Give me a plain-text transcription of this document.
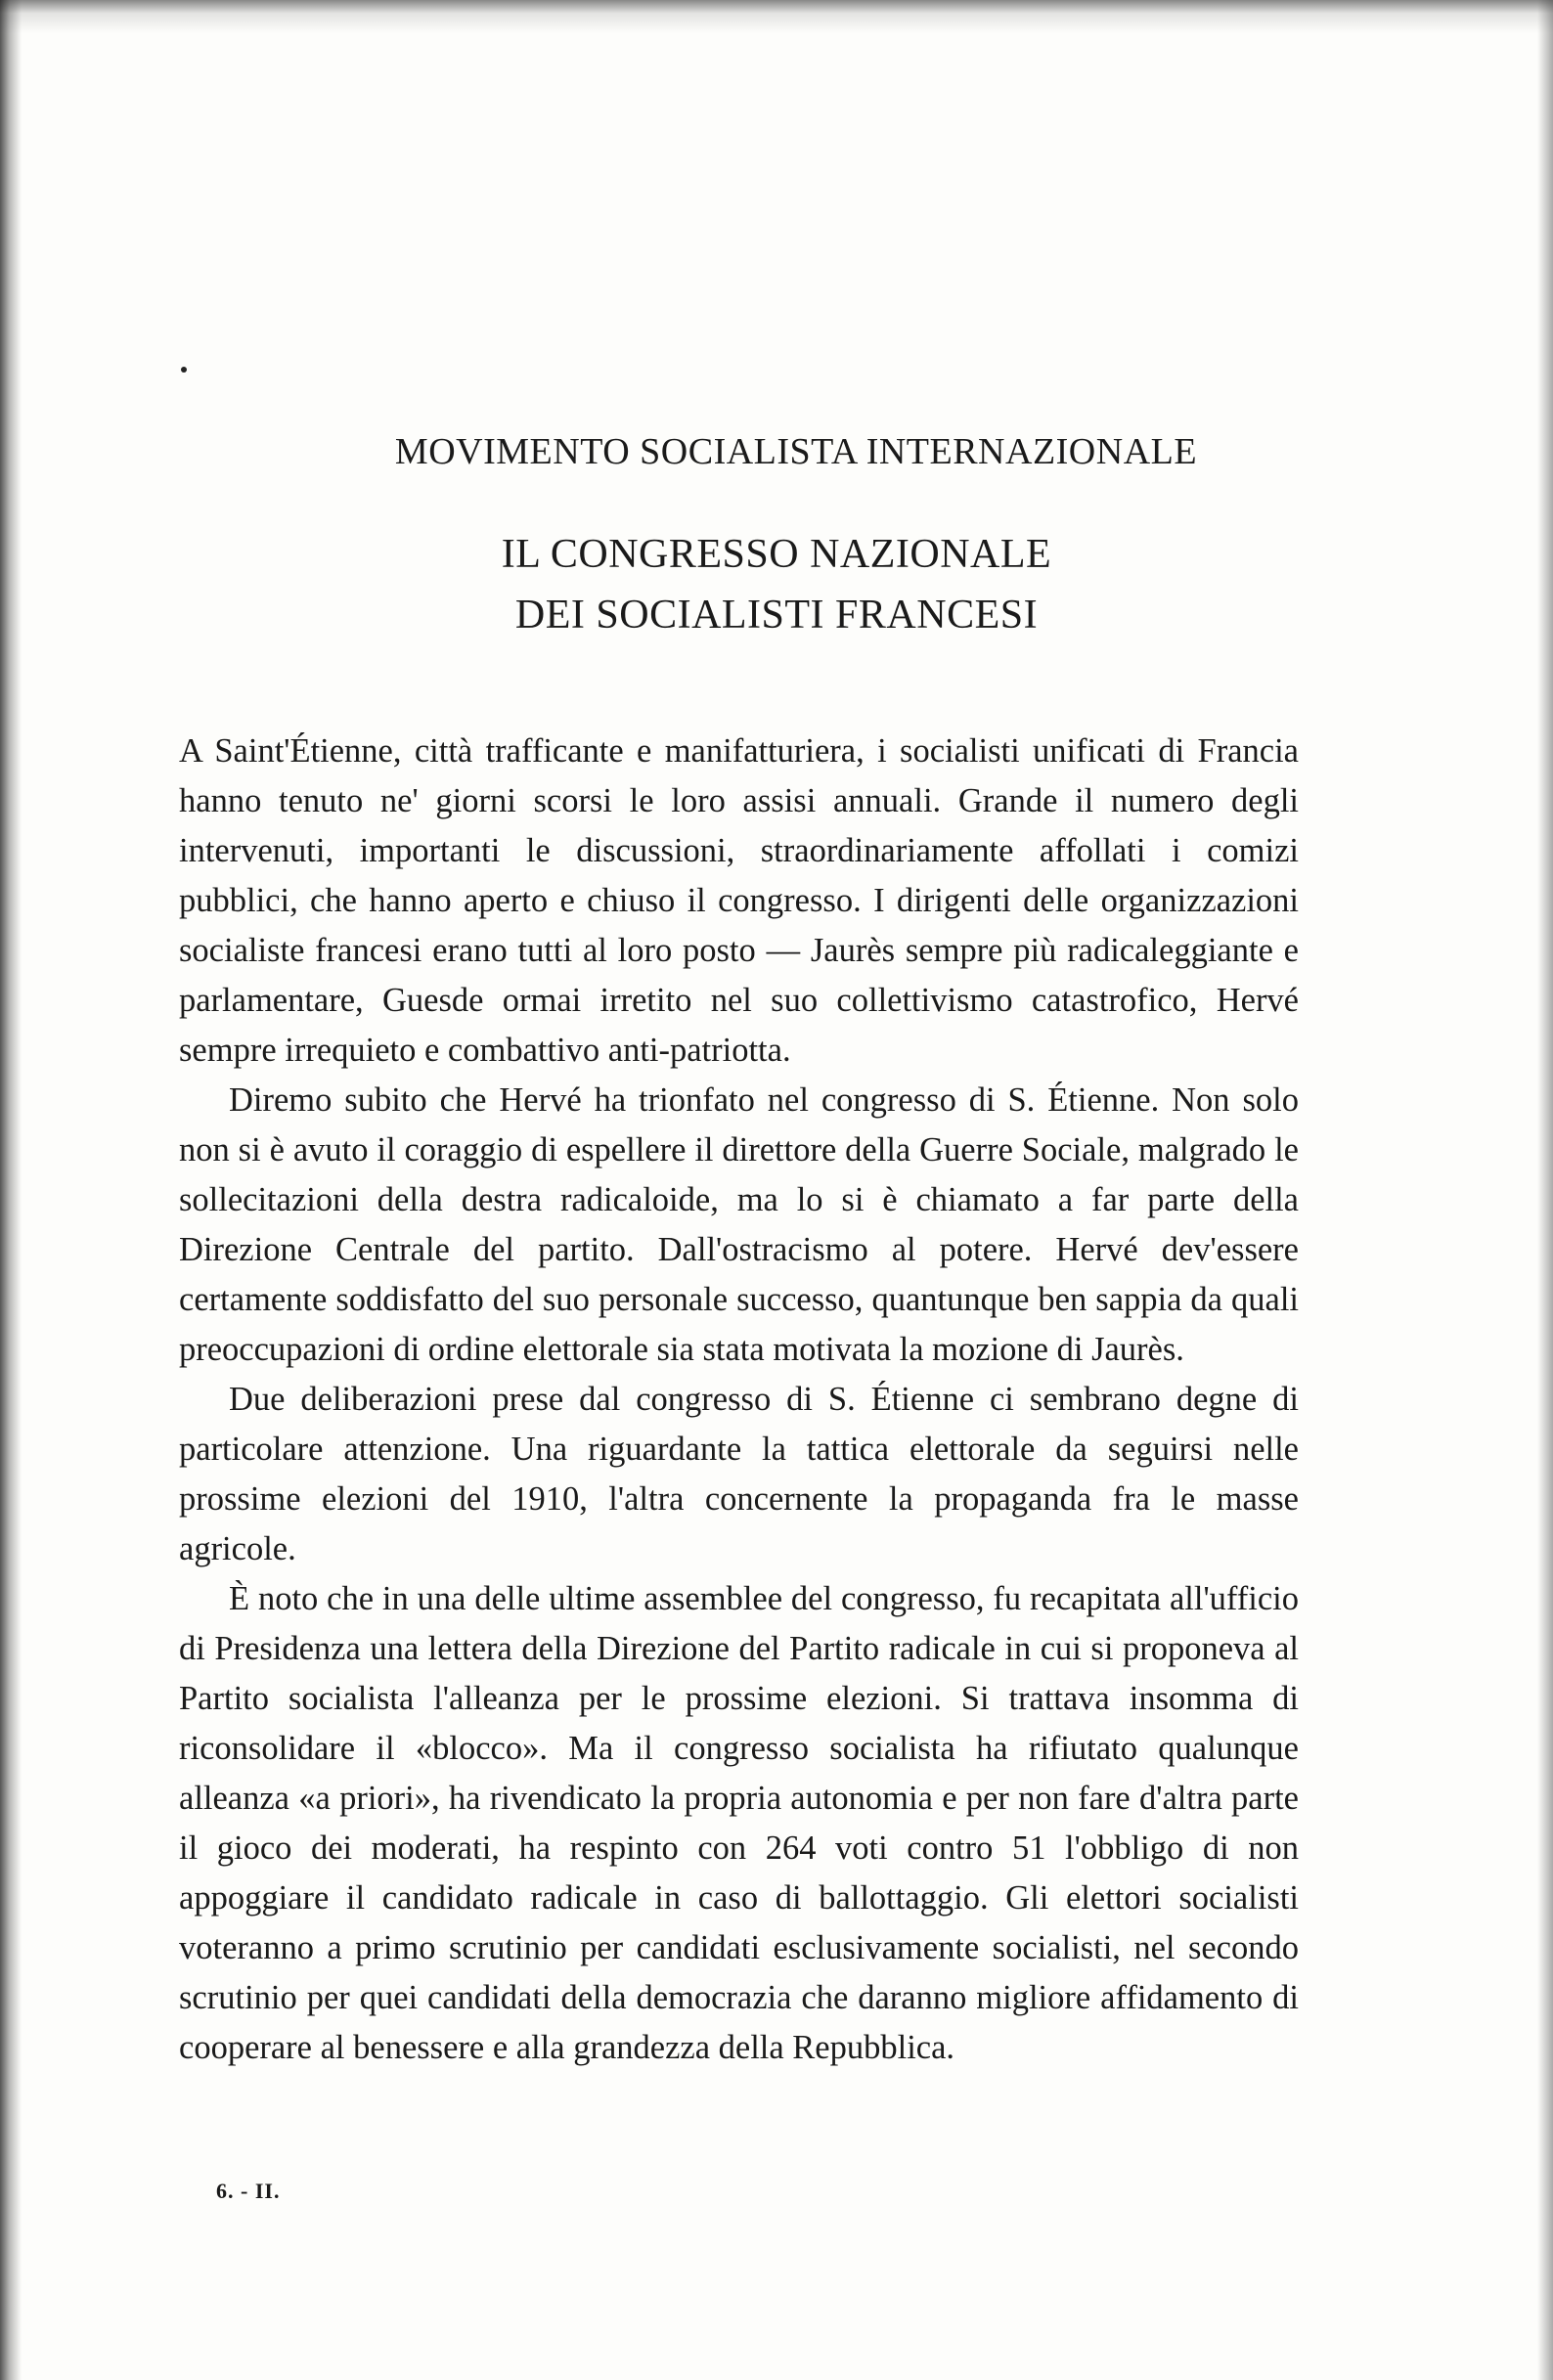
MOVIMENTO SOCIALISTA INTERNAZIONALE
IL CONGRESSO NAZIONALE
DEI SOCIALISTI FRANCESI

A Saint'Étienne, città trafficante e manifatturiera, i socialisti unificati di Francia hanno tenuto ne' giorni scorsi le loro assisi annuali. Grande il numero degli intervenuti, importanti le discussioni, straordinariamente affollati i comizi pubblici, che hanno aperto e chiuso il congresso. I dirigenti delle organizzazioni socialiste francesi erano tutti al loro posto — Jaurès sempre più radicaleggiante e parlamentare, Guesde ormai irretito nel suo collettivismo catastrofico, Hervé sempre irrequieto e combattivo anti-patriotta.

Diremo subito che Hervé ha trionfato nel congresso di S. Étienne. Non solo non si è avuto il coraggio di espellere il direttore della Guerre Sociale, malgrado le sollecitazioni della destra radicaloide, ma lo si è chiamato a far parte della Direzione Centrale del partito. Dall'ostracismo al potere. Hervé dev'essere certamente soddisfatto del suo personale successo, quantunque ben sappia da quali preoccupazioni di ordine elettorale sia stata motivata la mozione di Jaurès.

Due deliberazioni prese dal congresso di S. Étienne ci sembrano degne di particolare attenzione. Una riguardante la tattica elettorale da seguirsi nelle prossime elezioni del 1910, l'altra concernente la propaganda fra le masse agricole.

È noto che in una delle ultime assemblee del congresso, fu recapitata all'ufficio di Presidenza una lettera della Direzione del Partito radicale in cui si proponeva al Partito socialista l'alleanza per le prossime elezioni. Si trattava insomma di riconsolidare il «blocco». Ma il congresso socialista ha rifiutato qualunque alleanza «a priori», ha rivendicato la propria autonomia e per non fare d'altra parte il gioco dei moderati, ha respinto con 264 voti contro 51 l'obbligo di non appoggiare il candidato radicale in caso di ballottaggio. Gli elettori socialisti voteranno a primo scrutinio per candidati esclusivamente socialisti, nel secondo scrutinio per quei candidati della democrazia che daranno migliore affidamento di cooperare al benessere e alla grandezza della Repubblica.

6. - II.
